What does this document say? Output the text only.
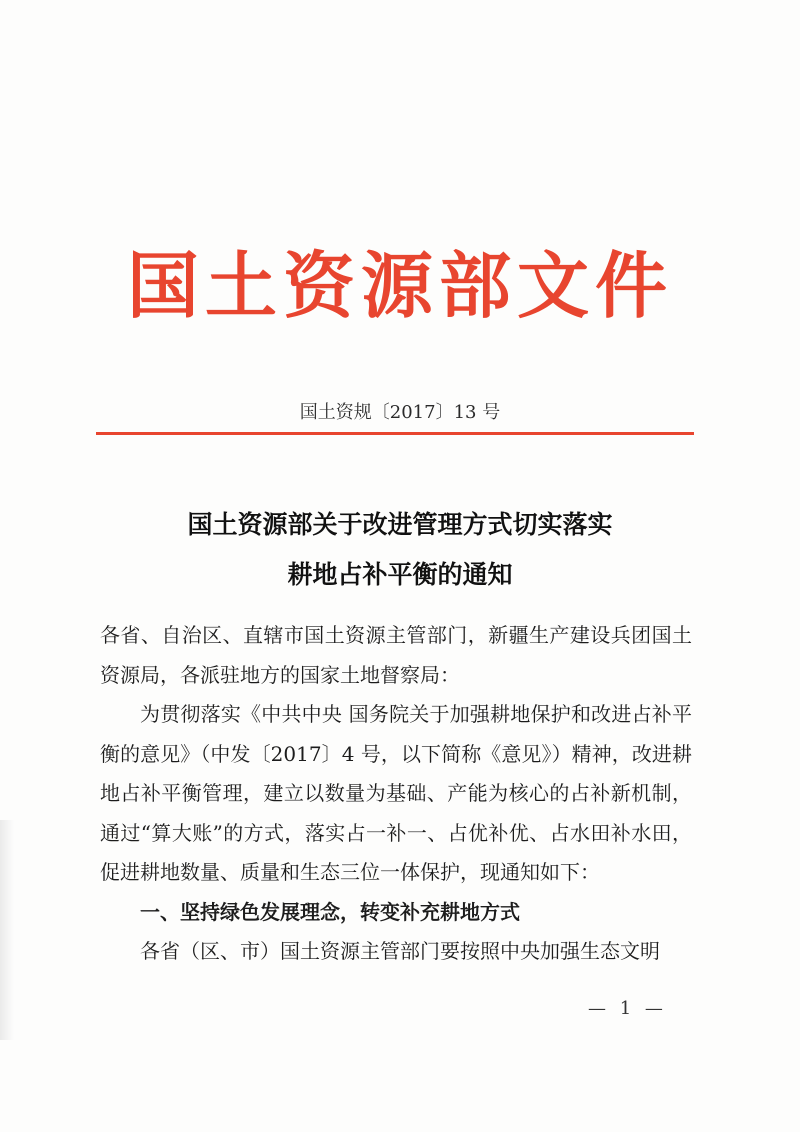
国土资源部文件
国土资规〔2017〕13 号
国土资源部关于改进管理方式切实落实
耕地占补平衡的通知

各省、自治区、直辖市国土资源主管部门，新疆生产建设兵团国土资源局，各派驻地方的国家土地督察局：

为贯彻落实《中共中央 国务院关于加强耕地保护和改进占补平衡的意见》（中发〔2017〕4 号，以下简称《意见》）精神，改进耕地占补平衡管理，建立以数量为基础、产能为核心的占补新机制，通过“算大账”的方式，落实占一补一、占优补优、占水田补水田，促进耕地数量、质量和生态三位一体保护，现通知如下：

一、坚持绿色发展理念，转变补充耕地方式

各省（区、市）国土资源主管部门要按照中央加强生态文明

— 1 —
